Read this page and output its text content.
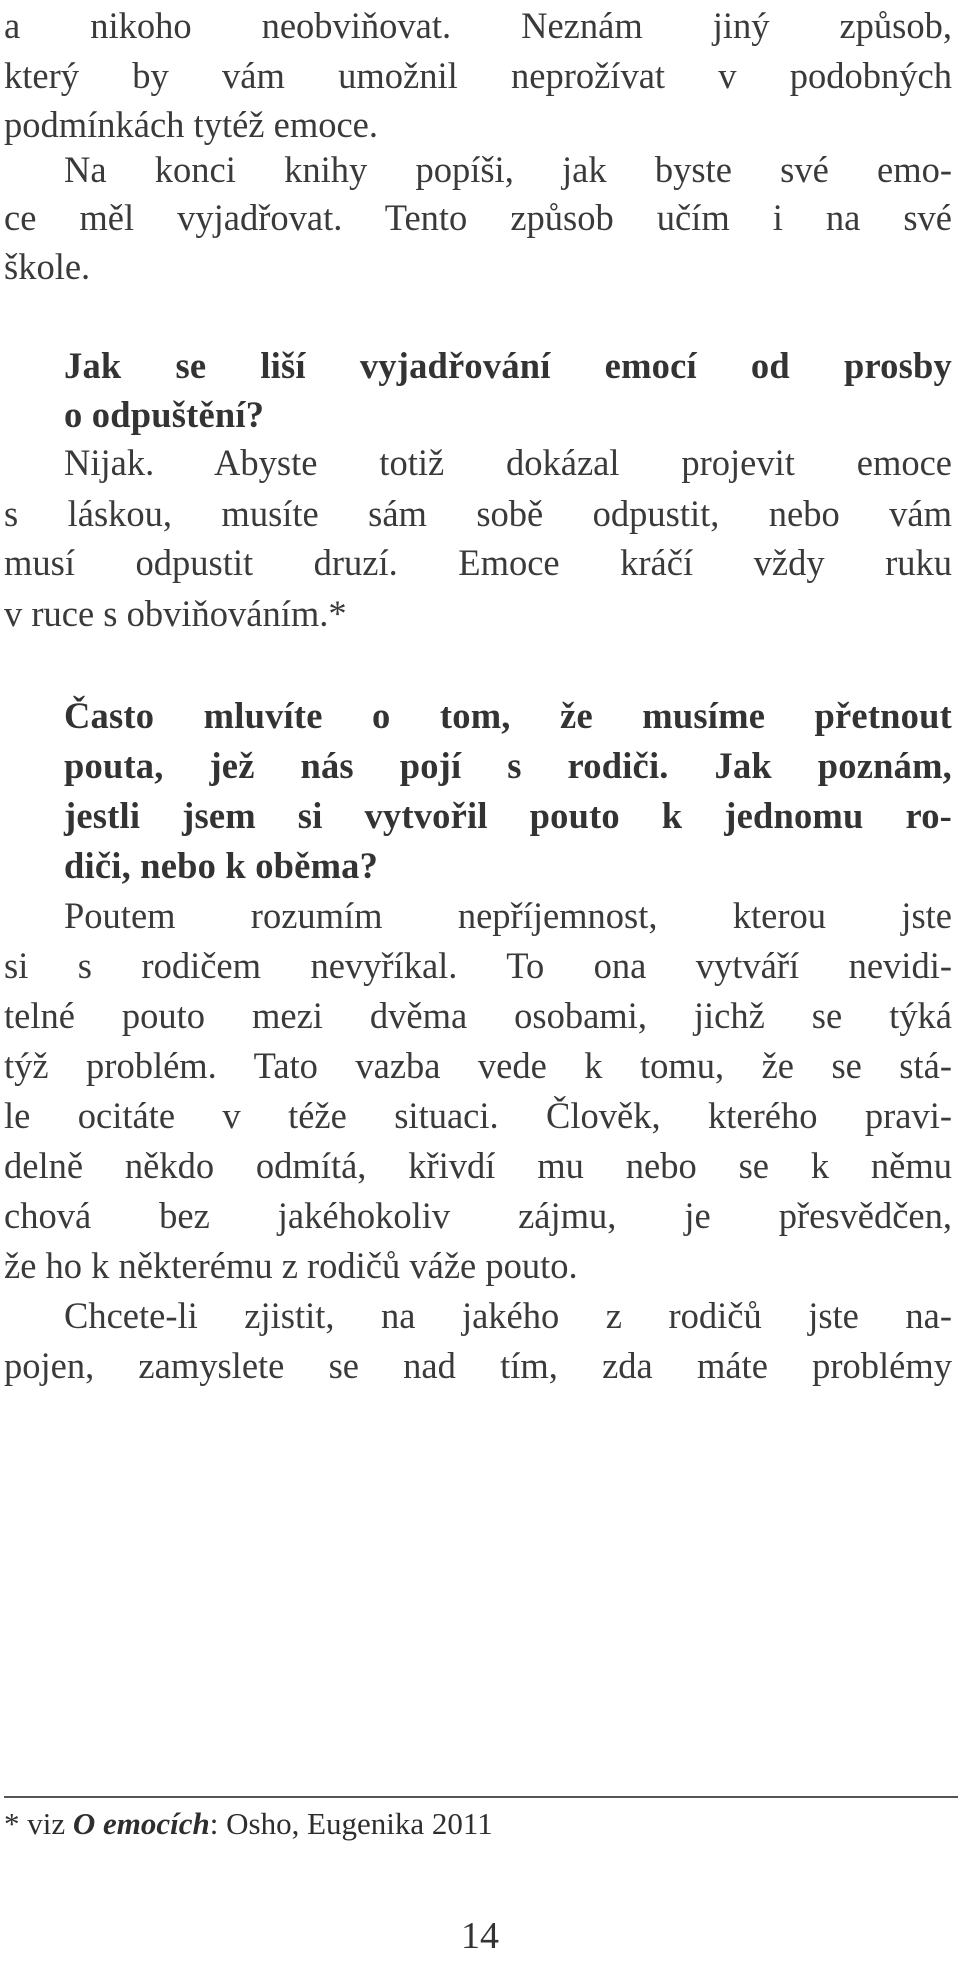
a nikoho neobviňovat. Neznám jiný způsob,
který by vám umožnil neprožívat v podobných
podmínkách tytéž emoce.
Na konci knihy popíši, jak byste své emo-
ce měl vyjadřovat. Tento způsob učím i na své
škole.
Jak se liší vyjadřování emocí od prosby
o odpuštění?
Nijak. Abyste totiž dokázal projevit emoce
s láskou, musíte sám sobě odpustit, nebo vám
musí odpustit druzí. Emoce kráčí vždy ruku
v ruce s obviňováním.*
Často mluvíte o tom, že musíme přetnout
pouta, jež nás pojí s rodiči. Jak poznám,
jestli jsem si vytvořil pouto k jednomu ro-
diči, nebo k oběma?
Poutem rozumím nepříjemnost, kterou jste
si s rodičem nevyříkal. To ona vytváří nevidi-
telné pouto mezi dvěma osobami, jichž se týká
týž problém. Tato vazba vede k tomu, že se stá-
le ocitáte v téže situaci. Člověk, kterého pravi-
delně někdo odmítá, křivdí mu nebo se k němu
chová bez jakéhokoliv zájmu, je přesvědčen,
že ho k některému z rodičů váže pouto.
Chcete-li zjistit, na jakého z rodičů jste na-
pojen, zamyslete se nad tím, zda máte problémy
* viz O emocích: Osho, Eugenika 2011
14
